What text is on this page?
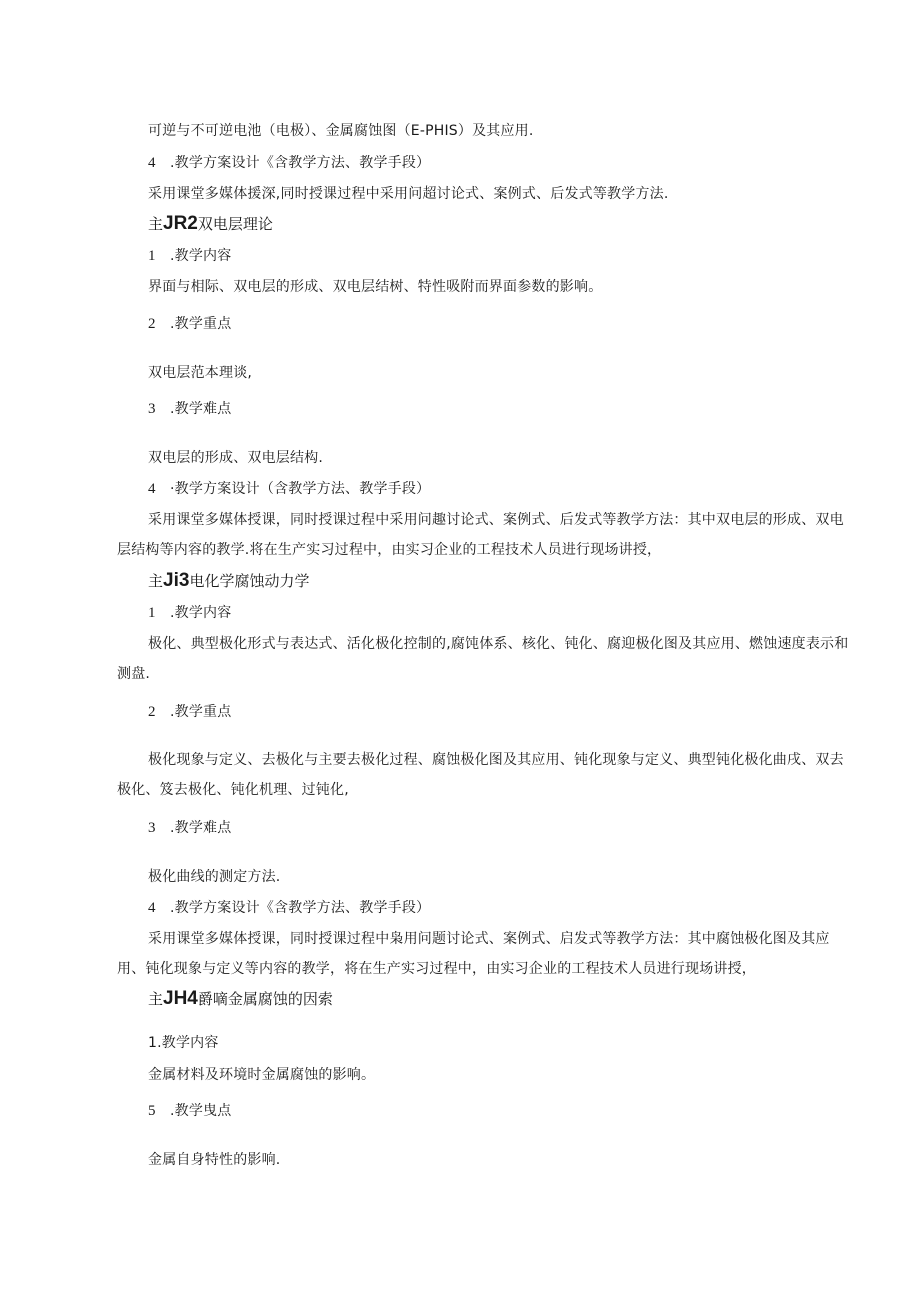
可逆与不可逆电池（电极）、金属腐蚀图（E-PHIS）及其应用.
4 .教学方案设计《含教学方法、教学手段）
采用课堂多媒体援深,同时授课过程中采用问超讨论式、案例式、后发式等教学方法.
主JR2双电层理论
1 .教学内容
界面与相际、双电层的形成、双电层结树、特性吸附而界面参数的影响。
2 .教学重点
双电层范本理谈,
3 .教学难点
双电层的形成、双电层结构.
4 ·教学方案设计（含教学方法、教学手段）
采用课堂多媒体授课，同时授课过程中采用问趣讨论式、案例式、后发式等教学方法：其中双电层的形成、双电
层结构等内容的教学.将在生产实习过程中，由实习企业的工程技术人员进行现场讲授，
主Ji3电化学腐蚀动力学
1 .教学内容
极化、典型极化形式与表达式、活化极化控制的,腐饨体系、核化、钝化、腐迎极化图及其应用、燃蚀速度表示和
测盘.
2 .教学重点
极化现象与定义、去极化与主要去极化过程、腐蚀极化图及其应用、钝化现象与定义、典型钝化极化曲戌、双去
极化、笈去极化、钝化机理、过钝化,
3 .教学难点
极化曲线的测定方法.
4 .教学方案设计《含教学方法、教学手段）
采用课堂多媒体授课，同时授课过程中枭用问题讨论式、案例式、启发式等教学方法：其中腐蚀极化图及其应
用、钝化现象与定义等内容的教学，将在生产实习过程中，由实习企业的工程技术人员进行现场讲授，
主JH4爵嘀金属腐蚀的因索
1.教学内容
金属材料及环境时金属腐蚀的影响。
5 .教学曳点
金属自身特性的影响.
